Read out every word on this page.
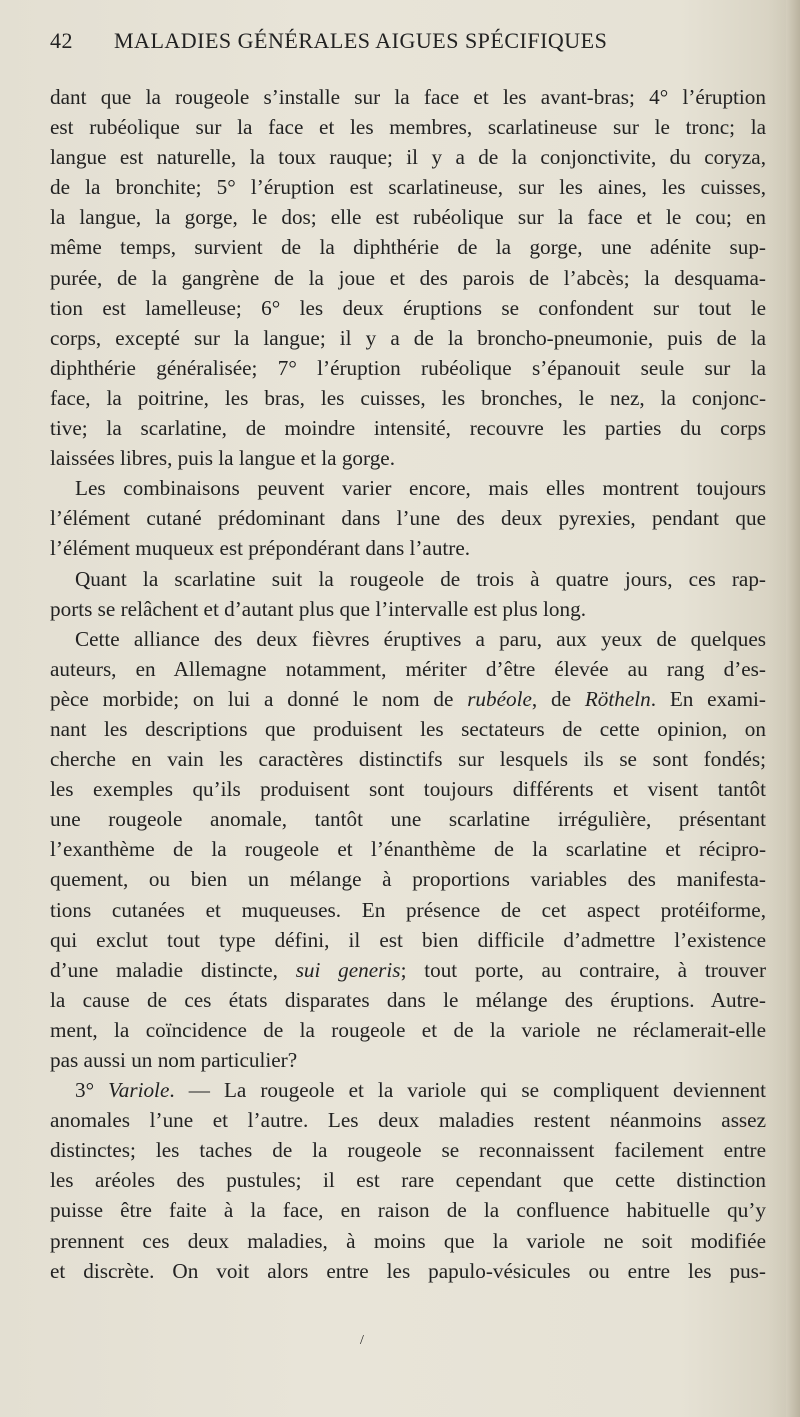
42 MALADIES GÉNÉRALES AIGUES SPÉCIFIQUES
dant que la rougeole s’installe sur la face et les avant-bras; 4° l’éruption
est rubéolique sur la face et les membres, scarlatineuse sur le tronc; la
langue est naturelle, la toux rauque; il y a de la conjonctivite, du coryza,
de la bronchite; 5° l’éruption est scarlatineuse, sur les aines, les cuisses,
la langue, la gorge, le dos; elle est rubéolique sur la face et le cou; en
même temps, survient de la diphthérie de la gorge, une adénite sup-
purée, de la gangrène de la joue et des parois de l’abcès; la desquama-
tion est lamelleuse; 6° les deux éruptions se confondent sur tout le
corps, excepté sur la langue; il y a de la broncho-pneumonie, puis de la
diphthérie généralisée; 7° l’éruption rubéolique s’épanouit seule sur la
face, la poitrine, les bras, les cuisses, les bronches, le nez, la conjonc-
tive; la scarlatine, de moindre intensité, recouvre les parties du corps
laissées libres, puis la langue et la gorge.
Les combinaisons peuvent varier encore, mais elles montrent toujours
l’élément cutané prédominant dans l’une des deux pyrexies, pendant que
l’élément muqueux est prépondérant dans l’autre.
Quant la scarlatine suit la rougeole de trois à quatre jours, ces rap-
ports se relâchent et d’autant plus que l’intervalle est plus long.
Cette alliance des deux fièvres éruptives a paru, aux yeux de quelques
auteurs, en Allemagne notamment, mériter d’être élevée au rang d’es-
pèce morbide; on lui a donné le nom de rubéole, de Rötheln. En exami-
nant les descriptions que produisent les sectateurs de cette opinion, on
cherche en vain les caractères distinctifs sur lesquels ils se sont fondés;
les exemples qu’ils produisent sont toujours différents et visent tantôt
une rougeole anomale, tantôt une scarlatine irrégulière, présentant
l’exanthème de la rougeole et l’énanthème de la scarlatine et récipro-
quement, ou bien un mélange à proportions variables des manifesta-
tions cutanées et muqueuses. En présence de cet aspect protéiforme,
qui exclut tout type défini, il est bien difficile d’admettre l’existence
d’une maladie distincte, sui generis; tout porte, au contraire, à trouver
la cause de ces états disparates dans le mélange des éruptions. Autre-
ment, la coïncidence de la rougeole et de la variole ne réclamerait-elle
pas aussi un nom particulier?
3° Variole. — La rougeole et la variole qui se compliquent deviennent
anomales l’une et l’autre. Les deux maladies restent néanmoins assez
distinctes; les taches de la rougeole se reconnaissent facilement entre
les aréoles des pustules; il est rare cependant que cette distinction
puisse être faite à la face, en raison de la confluence habituelle qu’y
prennent ces deux maladies, à moins que la variole ne soit modifiée
et discrète. On voit alors entre les papulo-vésicules ou entre les pus-
/
